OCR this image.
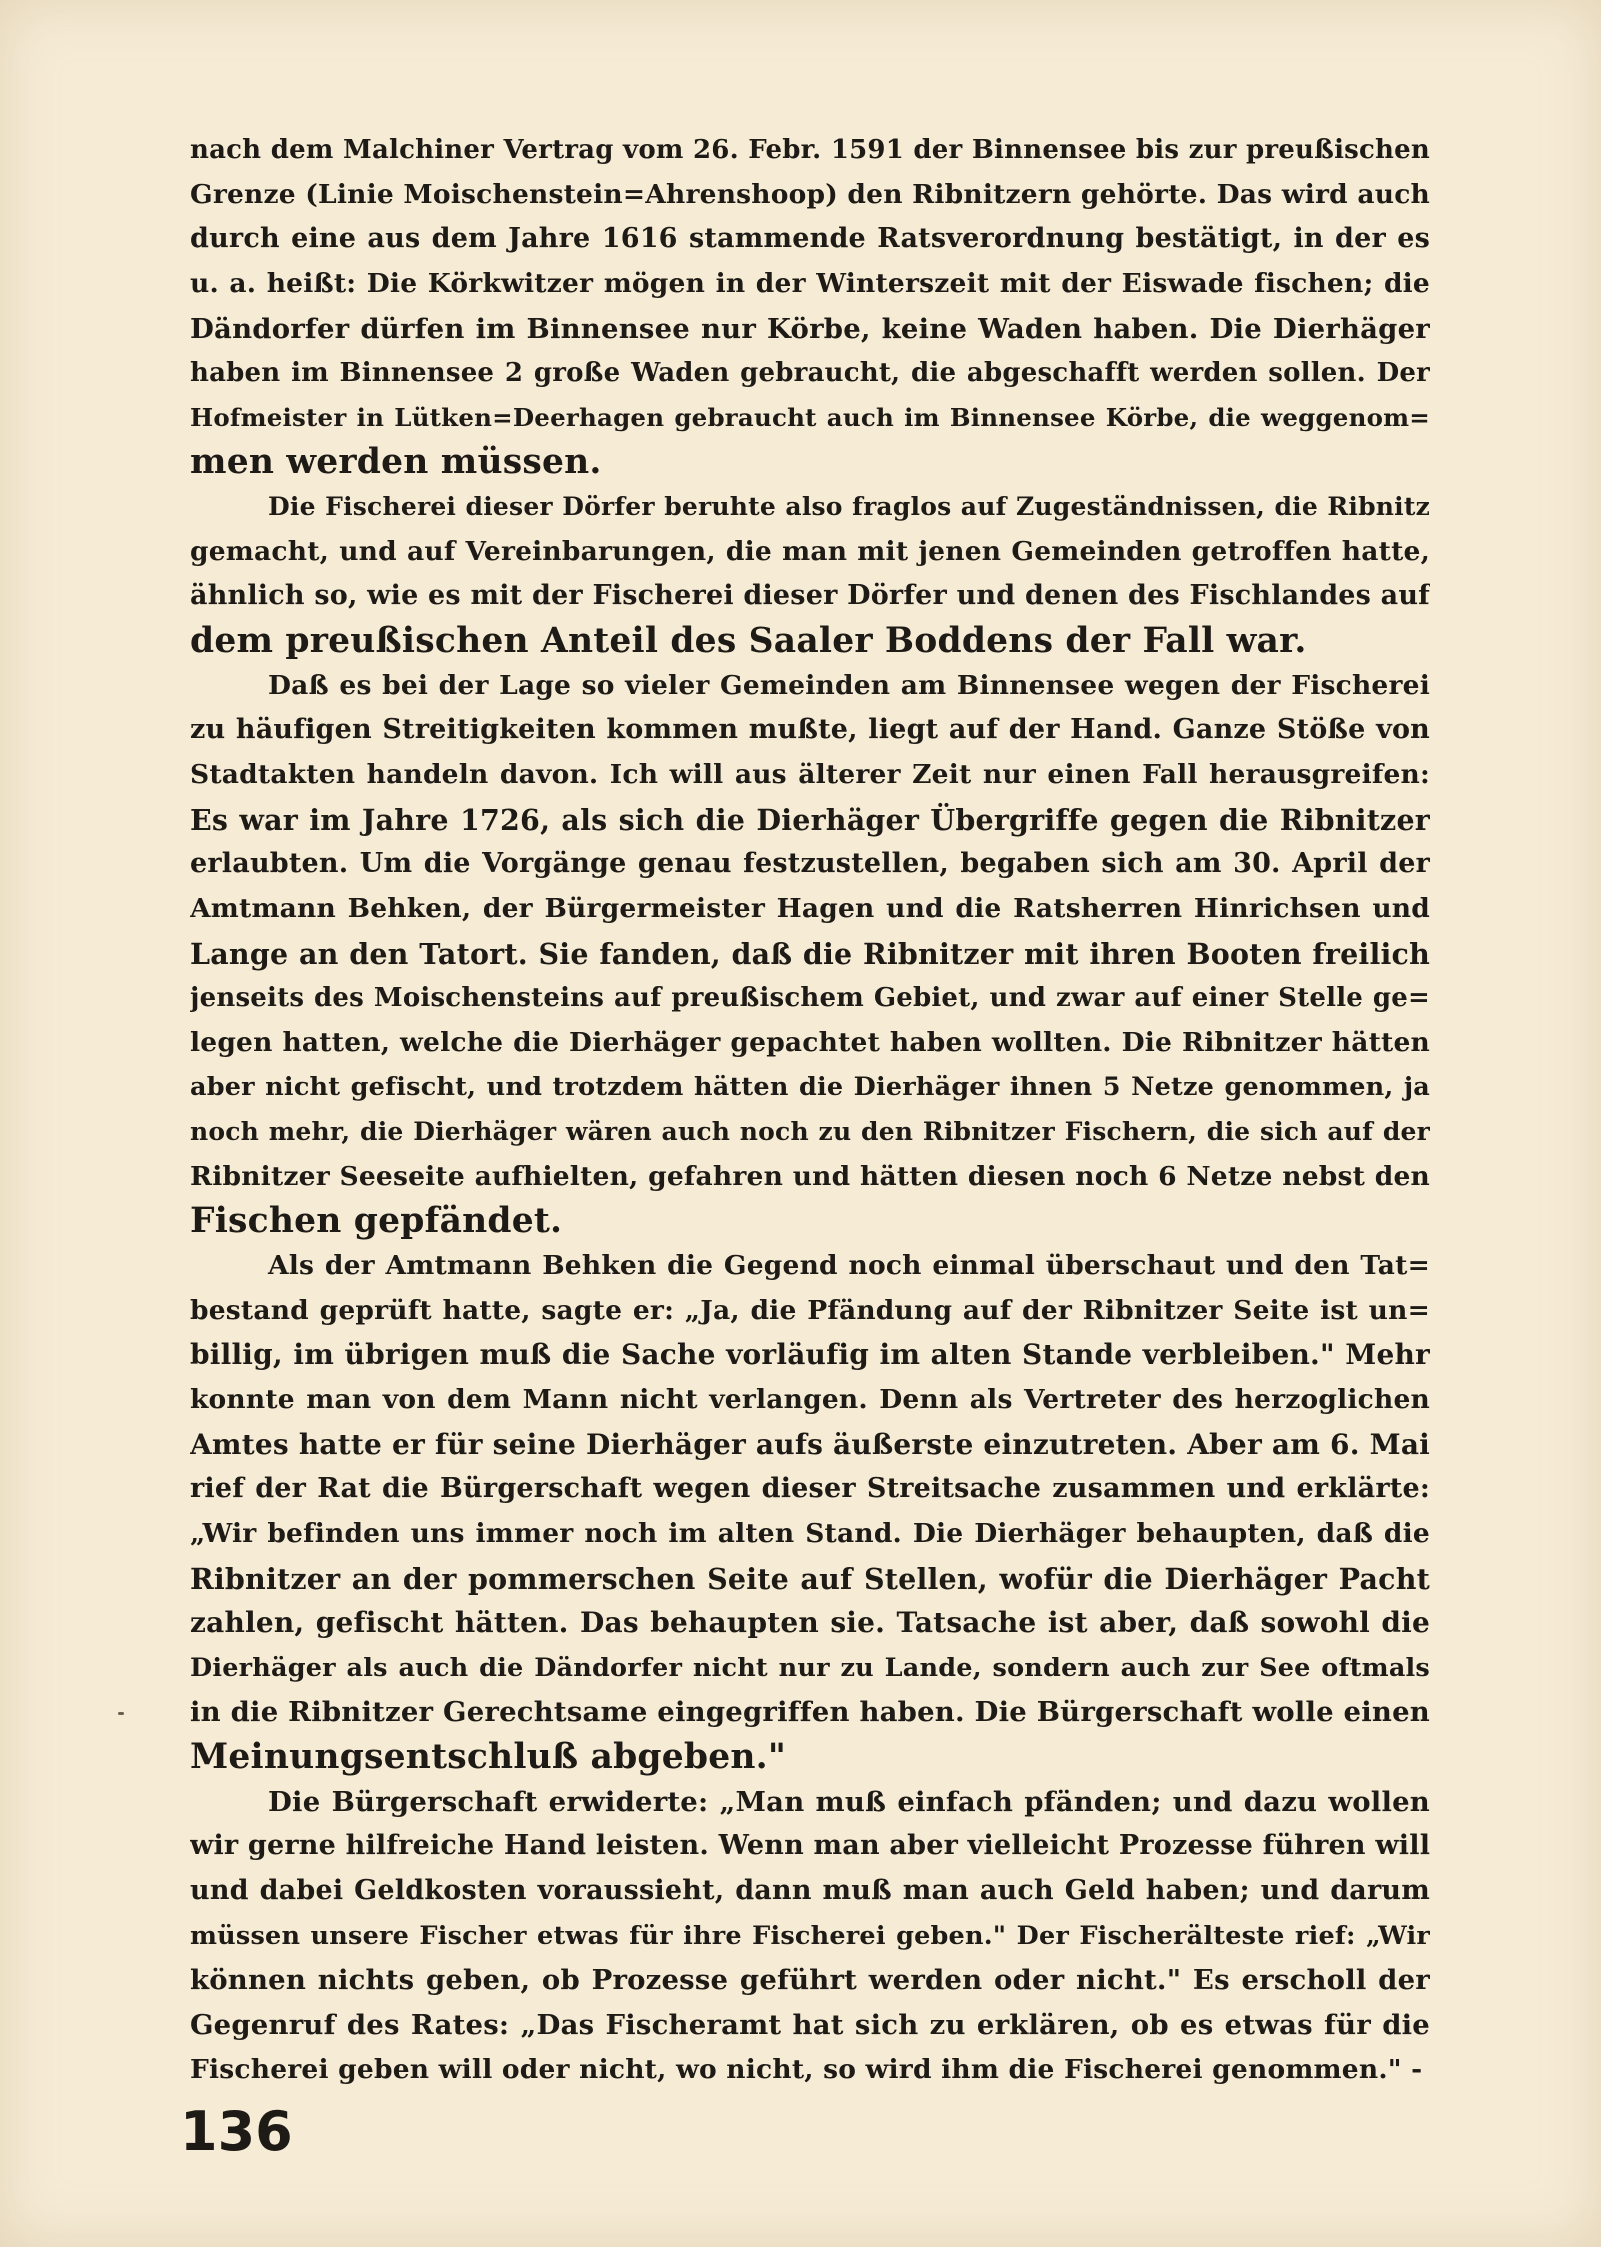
nach dem Malchiner Vertrag vom 26. Febr. 1591 der Binnensee bis zur preußischen
Grenze (Linie Moischenstein=Ahrenshoop) den Ribnitzern gehörte. Das wird auch
durch eine aus dem Jahre 1616 stammende Ratsverordnung bestätigt, in der es
u. a. heißt: Die Körkwitzer mögen in der Winterszeit mit der Eiswade fischen; die
Dändorfer dürfen im Binnensee nur Körbe, keine Waden haben. Die Dierhäger
haben im Binnensee 2 große Waden gebraucht, die abgeschafft werden sollen. Der
Hofmeister in Lütken=Deerhagen gebraucht auch im Binnensee Körbe, die weggenom=
men werden müssen.
Die Fischerei dieser Dörfer beruhte also fraglos auf Zugeständnissen, die Ribnitz
gemacht, und auf Vereinbarungen, die man mit jenen Gemeinden getroffen hatte,
ähnlich so, wie es mit der Fischerei dieser Dörfer und denen des Fischlandes auf
dem preußischen Anteil des Saaler Boddens der Fall war.
Daß es bei der Lage so vieler Gemeinden am Binnensee wegen der Fischerei
zu häufigen Streitigkeiten kommen mußte, liegt auf der Hand. Ganze Stöße von
Stadtakten handeln davon. Ich will aus älterer Zeit nur einen Fall herausgreifen:
Es war im Jahre 1726, als sich die Dierhäger Übergriffe gegen die Ribnitzer
erlaubten. Um die Vorgänge genau festzustellen, begaben sich am 30. April der
Amtmann Behken, der Bürgermeister Hagen und die Ratsherren Hinrichsen und
Lange an den Tatort. Sie fanden, daß die Ribnitzer mit ihren Booten freilich
jenseits des Moischensteins auf preußischem Gebiet, und zwar auf einer Stelle ge=
legen hatten, welche die Dierhäger gepachtet haben wollten. Die Ribnitzer hätten
aber nicht gefischt, und trotzdem hätten die Dierhäger ihnen 5 Netze genommen, ja
noch mehr, die Dierhäger wären auch noch zu den Ribnitzer Fischern, die sich auf der
Ribnitzer Seeseite aufhielten, gefahren und hätten diesen noch 6 Netze nebst den
Fischen gepfändet.
Als der Amtmann Behken die Gegend noch einmal überschaut und den Tat=
bestand geprüft hatte, sagte er: „Ja, die Pfändung auf der Ribnitzer Seite ist un=
billig, im übrigen muß die Sache vorläufig im alten Stande verbleiben." Mehr
konnte man von dem Mann nicht verlangen. Denn als Vertreter des herzoglichen
Amtes hatte er für seine Dierhäger aufs äußerste einzutreten. Aber am 6. Mai
rief der Rat die Bürgerschaft wegen dieser Streitsache zusammen und erklärte:
„Wir befinden uns immer noch im alten Stand. Die Dierhäger behaupten, daß die
Ribnitzer an der pommerschen Seite auf Stellen, wofür die Dierhäger Pacht
zahlen, gefischt hätten. Das behaupten sie. Tatsache ist aber, daß sowohl die
Dierhäger als auch die Dändorfer nicht nur zu Lande, sondern auch zur See oftmals
in die Ribnitzer Gerechtsame eingegriffen haben. Die Bürgerschaft wolle einen
Meinungsentschluß abgeben."
Die Bürgerschaft erwiderte: „Man muß einfach pfänden; und dazu wollen
wir gerne hilfreiche Hand leisten. Wenn man aber vielleicht Prozesse führen will
und dabei Geldkosten voraussieht, dann muß man auch Geld haben; und darum
müssen unsere Fischer etwas für ihre Fischerei geben." Der Fischerälteste rief: „Wir
können nichts geben, ob Prozesse geführt werden oder nicht." Es erscholl der
Gegenruf des Rates: „Das Fischeramt hat sich zu erklären, ob es etwas für die
Fischerei geben will oder nicht, wo nicht, so wird ihm die Fischerei genommen." -
136
